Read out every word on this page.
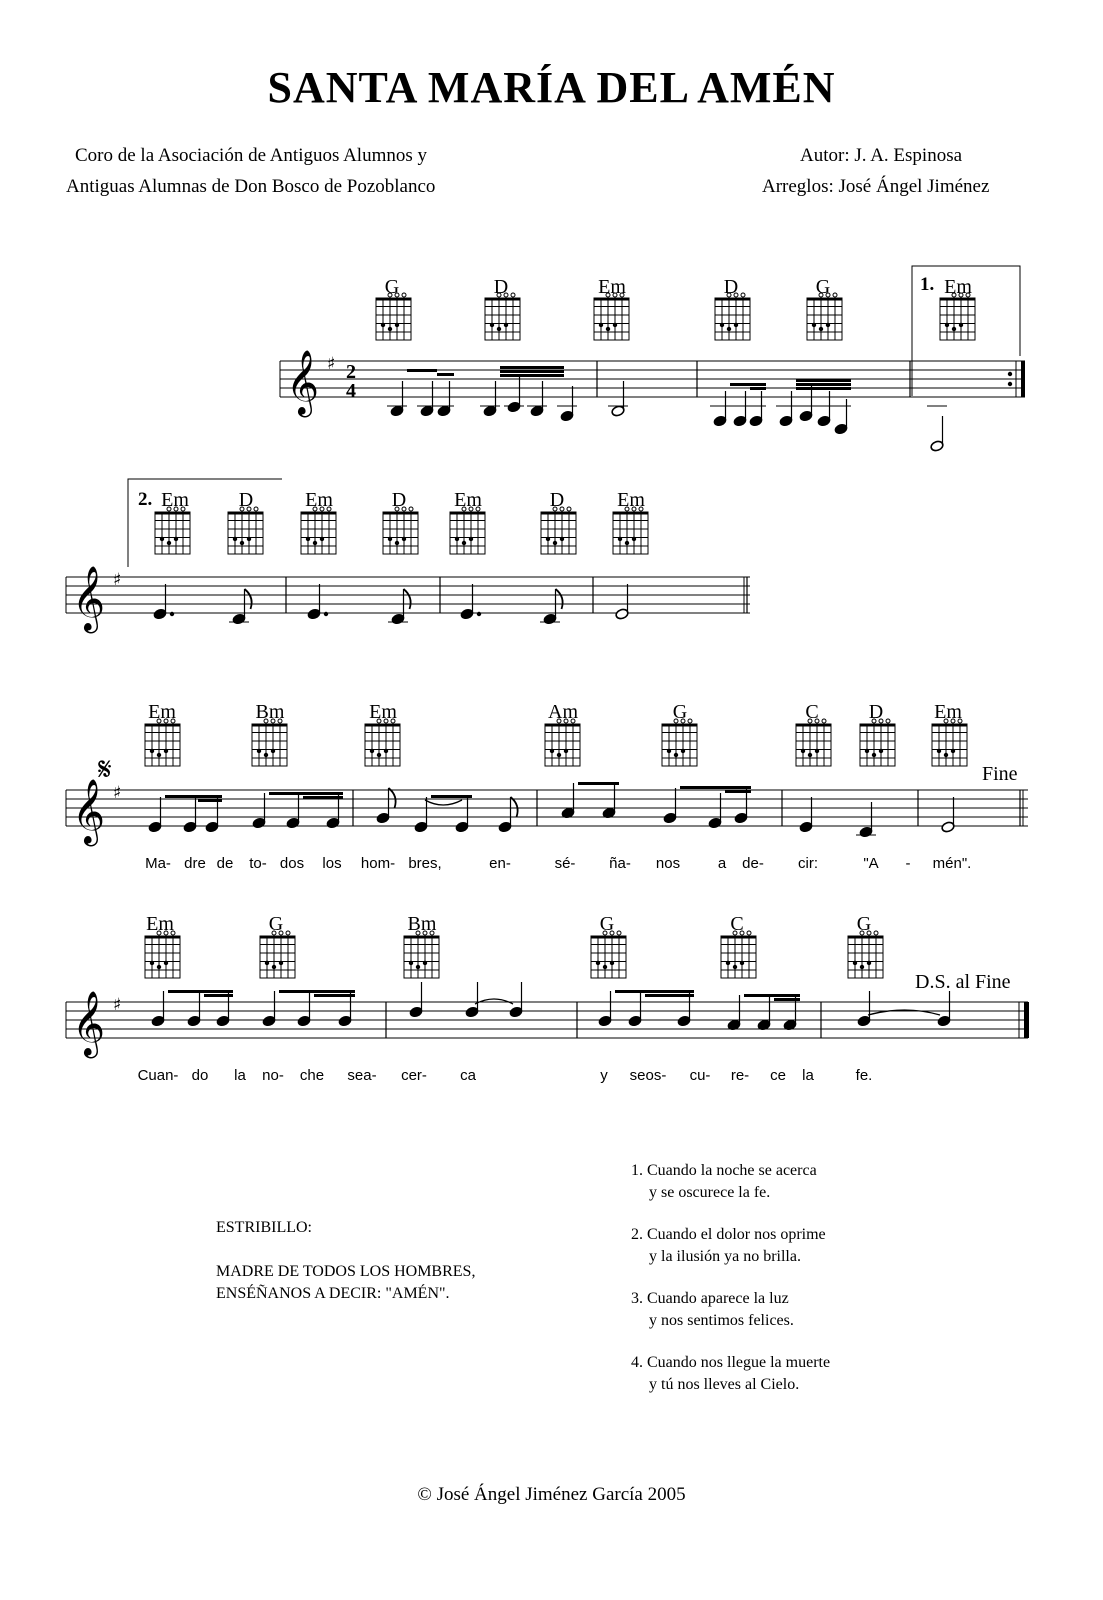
SANTA MARÍA DEL AMÉN
Coro de la Asociación de Antiguos Alumnos y
Antiguas Alumnas de Don Bosco de Pozoblanco
Autor: J. A. Espinosa
Arreglos: José Ángel Jiménez
G	D	Em	D	G	1. Em
2. Em	D	Em	D	Em	D	Em
Em	Bm	Em	Am	G	C	D	Em
Fine
Em	G	Bm	G	C	G
D.S. al Fine
Ma- dre de to- dos los hom- bres,	en-	sé- ña- nos	a de- cir:	"A - mén".
Cuan- do la no- che sea- cer- ca	y seos- cu- re- ce la	fe.
𝄞 ♯
𝄞 ♯
𝄞 ♯
𝄞 ♯
2
4
𝄋
ESTRIBILLO:
MADRE DE TODOS LOS HOMBRES,
ENSÉÑANOS A DECIR: "AMÉN".
1. Cuando la noche se acerca
y se oscurece la fe.
2. Cuando el dolor nos oprime
y la ilusión ya no brilla.
3. Cuando aparece la luz
y nos sentimos felices.
4. Cuando nos llegue la muerte
y tú nos lleves al Cielo.
© José Ángel Jiménez García 2005
